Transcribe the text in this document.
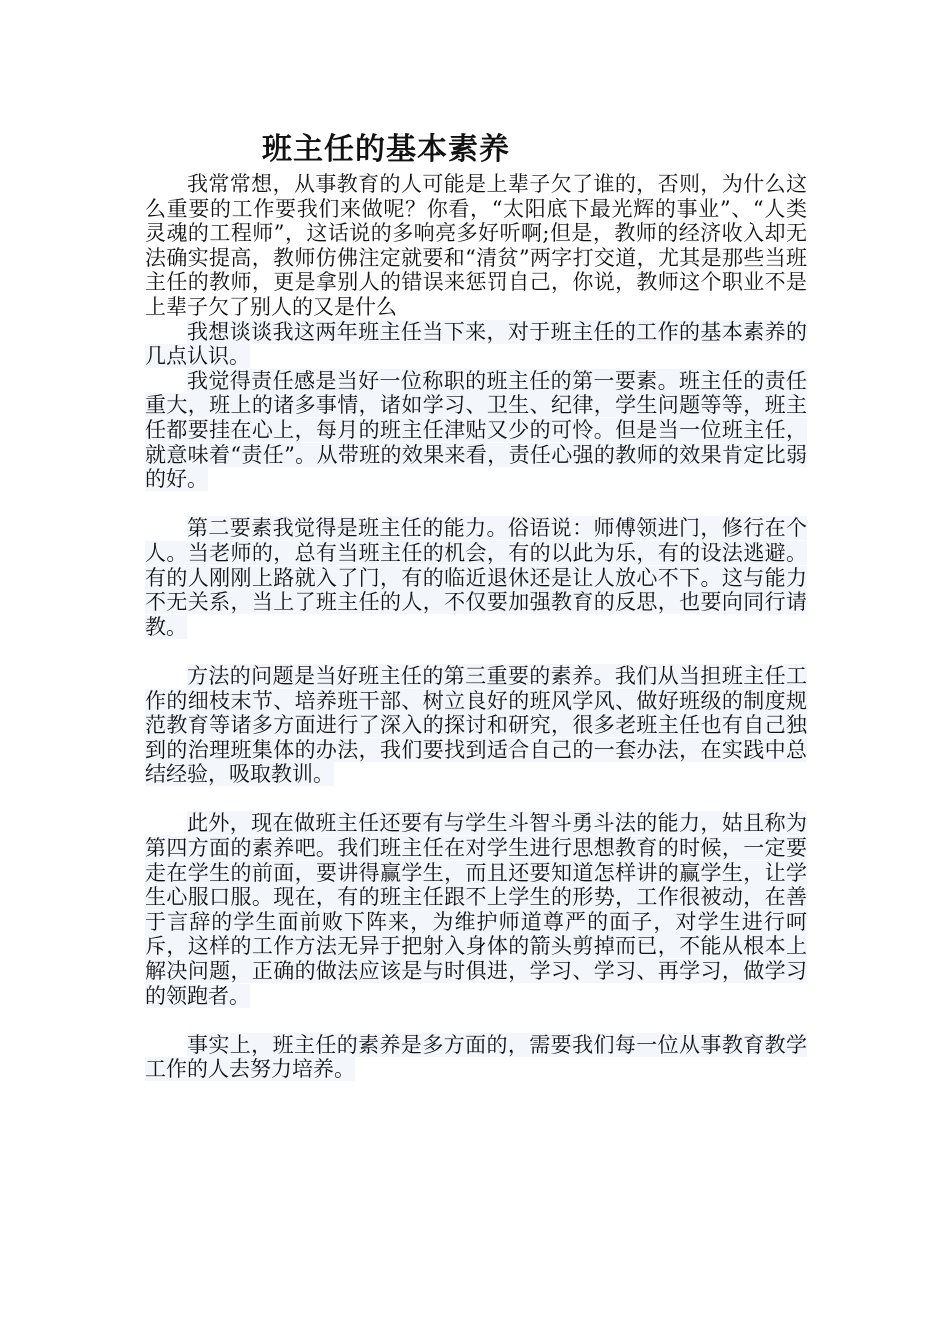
班主任的基本素养

我常常想，从事教育的人可能是上辈子欠了谁的，否则，为什么这么重要的工作要我们来做呢？你看，“太阳底下最光辉的事业”、“人类灵魂的工程师”，这话说的多响亮多好听啊;但是，教师的经济收入却无法确实提高，教师仿佛注定就要和“清贫”两字打交道，尤其是那些当班主任的教师，更是拿别人的错误来惩罚自己，你说，教师这个职业不是上辈子欠了别人的又是什么

我想谈谈我这两年班主任当下来，对于班主任的工作的基本素养的几点认识。

我觉得责任感是当好一位称职的班主任的第一要素。班主任的责任重大，班上的诸多事情，诸如学习、卫生、纪律，学生问题等等，班主任都要挂在心上，每月的班主任津贴又少的可怜。但是当一位班主任，就意味着“责任”。从带班的效果来看，责任心强的教师的效果肯定比弱的好。

第二要素我觉得是班主任的能力。俗语说：师傅领进门，修行在个人。当老师的，总有当班主任的机会，有的以此为乐，有的设法逃避。有的人刚刚上路就入了门，有的临近退休还是让人放心不下。这与能力不无关系，当上了班主任的人，不仅要加强教育的反思，也要向同行请教。

方法的问题是当好班主任的第三重要的素养。我们从当担班主任工作的细枝末节、培养班干部、树立良好的班风学风、做好班级的制度规范教育等诸多方面进行了深入的探讨和研究，很多老班主任也有自己独到的治理班集体的办法，我们要找到适合自己的一套办法，在实践中总结经验，吸取教训。

此外，现在做班主任还要有与学生斗智斗勇斗法的能力，姑且称为第四方面的素养吧。我们班主任在对学生进行思想教育的时候，一定要走在学生的前面，要讲得赢学生，而且还要知道怎样讲的赢学生，让学生心服口服。现在，有的班主任跟不上学生的形势，工作很被动，在善于言辞的学生面前败下阵来，为维护师道尊严的面子，对学生进行呵斥，这样的工作方法无异于把射入身体的箭头剪掉而已，不能从根本上解决问题，正确的做法应该是与时俱进，学习、学习、再学习，做学习的领跑者。

事实上，班主任的素养是多方面的，需要我们每一位从事教育教学工作的人去努力培养。
